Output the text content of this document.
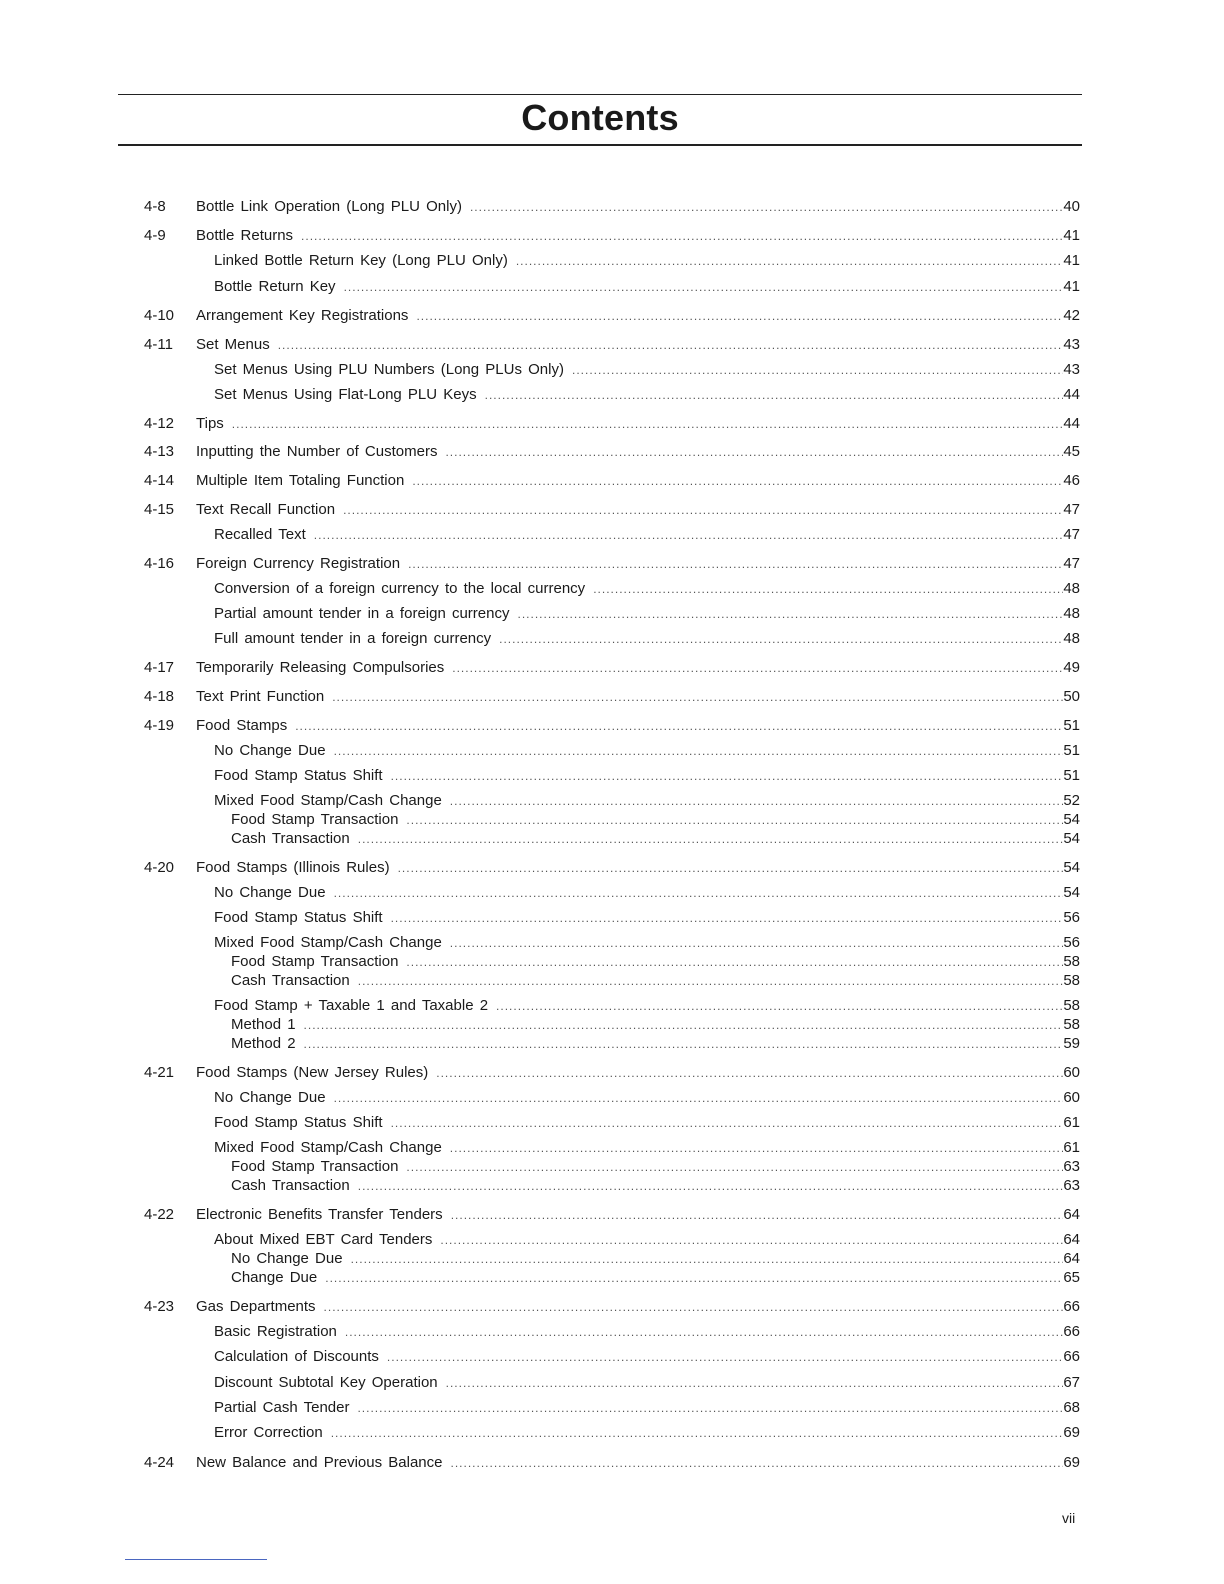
Contents
4-8 Bottle Link Operation (Long PLU Only) .....	40
4-9 Bottle Returns .....	41
Linked Bottle Return Key (Long PLU Only) .....	41
Bottle Return Key .....	41
4-10 Arrangement Key Registrations .....	42
4-11 Set Menus .....	43
Set Menus Using PLU Numbers (Long PLUs Only) .....	43
Set Menus Using Flat-Long PLU Keys .....	44
4-12 Tips .....	44
4-13 Inputting the Number of Customers .....	45
4-14 Multiple Item Totaling Function .....	46
4-15 Text Recall Function .....	47
Recalled Text .....	47
4-16 Foreign Currency Registration .....	47
Conversion of a foreign currency to the local currency .....	48
Partial amount tender in a foreign currency .....	48
Full amount tender in a foreign currency .....	48
4-17 Temporarily Releasing Compulsories .....	49
4-18 Text Print Function .....	50
4-19 Food Stamps .....	51
No Change Due .....	51
Food Stamp Status Shift .....	51
Mixed Food Stamp/Cash Change .....	52
Food Stamp Transaction .....	54
Cash Transaction .....	54
4-20 Food Stamps (Illinois Rules) .....	54
No Change Due .....	54
Food Stamp Status Shift .....	56
Mixed Food Stamp/Cash Change .....	56
Food Stamp Transaction .....	58
Cash Transaction .....	58
Food Stamp + Taxable 1 and Taxable 2 .....	58
Method 1 .....	58
Method 2 .....	59
4-21 Food Stamps (New Jersey Rules) .....	60
No Change Due .....	60
Food Stamp Status Shift .....	61
Mixed Food Stamp/Cash Change .....	61
Food Stamp Transaction .....	63
Cash Transaction .....	63
4-22 Electronic Benefits Transfer Tenders .....	64
About Mixed EBT Card Tenders .....	64
No Change Due .....	64
Change Due .....	65
4-23 Gas Departments .....	66
Basic Registration .....	66
Calculation of Discounts .....	66
Discount Subtotal Key Operation .....	67
Partial Cash Tender .....	68
Error Correction .....	69
4-24 New Balance and Previous Balance .....	69
vii
